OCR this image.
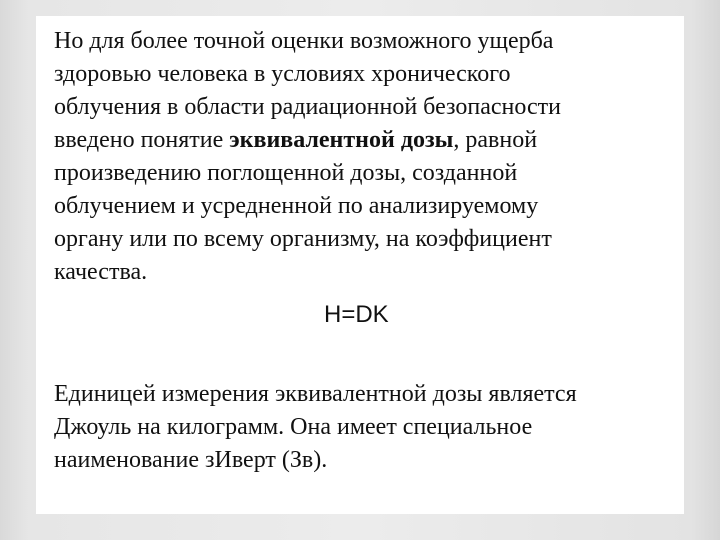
Но для более точной оценки возможного ущерба
здоровью человека в условиях хронического
облучения в области радиационной безопасности
введено понятие эквивалентной дозы, равной
произведению поглощенной дозы, созданной
облучением и усредненной по анализируемому
органу или по всему организму, на коэффициент
качества.

H=DK

Единицей измерения эквивалентной дозы является
Джоуль на килограмм. Она имеет специальное
наименование зИверт (Зв).
